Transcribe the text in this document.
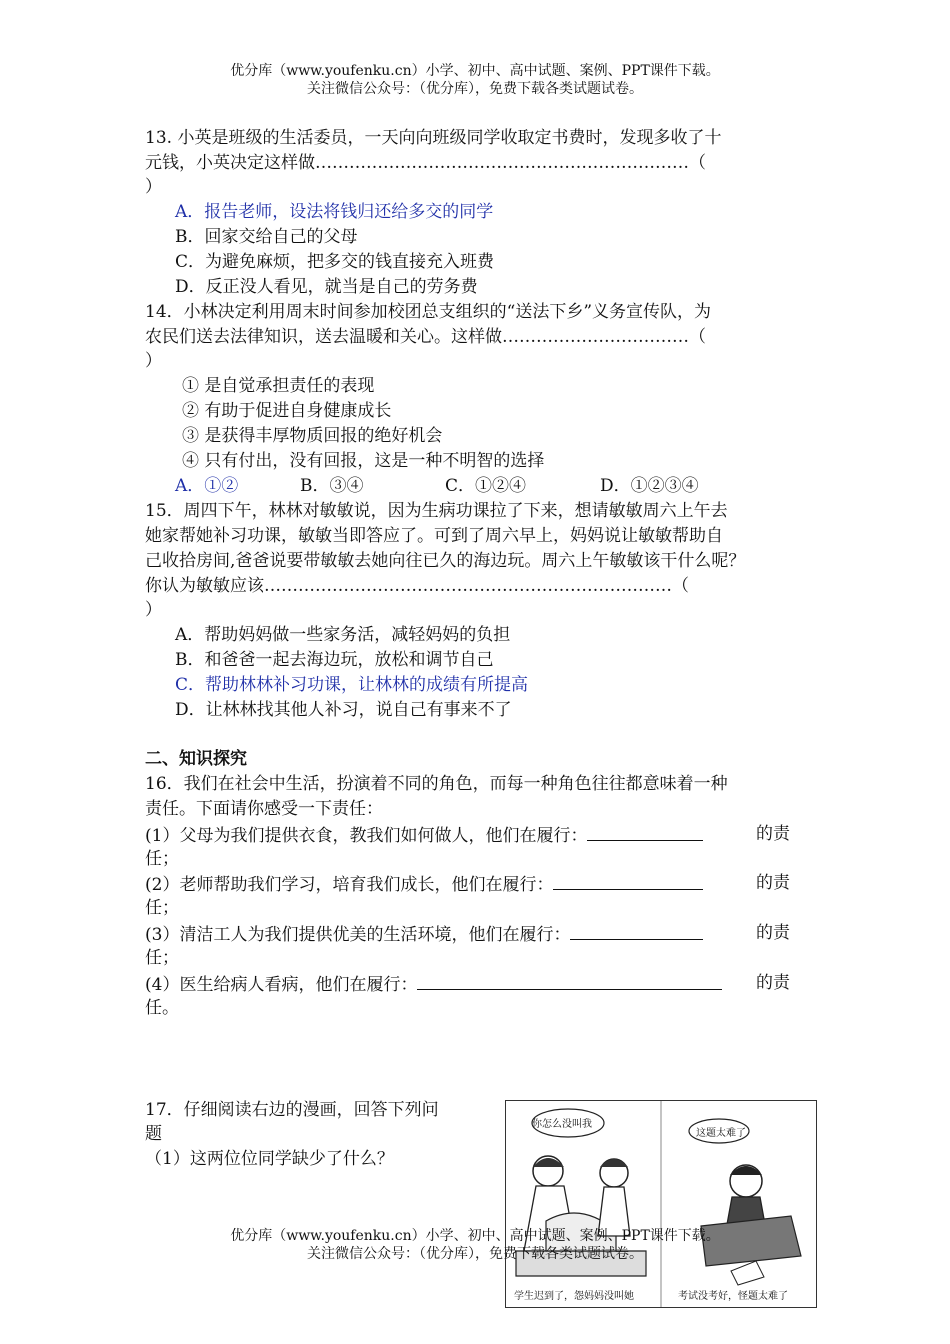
优分库（www.youfenku.cn）小学、初中、高中试题、案例、PPT课件下载。
关注微信公众号：（优分库），免费下载各类试题试卷。
13. 小英是班级的生活委员，一天向向班级同学收取定书费时，发现多收了十
元钱，小英决定这样做…………………………………………………………（
）
A．报告老师，设法将钱归还给多交的同学
B．回家交给自己的父母
C．为避免麻烦，把多交的钱直接充入班费
D．反正没人看见，就当是自己的劳务费
14．小林决定利用周末时间参加校团总支组织的“送法下乡”义务宣传队，为
农民们送去法律知识，送去温暖和关心。这样做……………………………（
）
① 是自觉承担责任的表现
② 有助于促进自身健康成长
③ 是获得丰厚物质回报的绝好机会
④ 只有付出，没有回报，这是一种不明智的选择
A．①②	B．③④	C．①②④	D．①②③④
15．周四下午，林林对敏敏说，因为生病功课拉了下来，想请敏敏周六上午去
她家帮她补习功课，敏敏当即答应了。可到了周六早上，妈妈说让敏敏帮助自
己收拾房间,爸爸说要带敏敏去她向往已久的海边玩。周六上午敏敏该干什么呢？
你认为敏敏应该………………………………………………………………（
）
A．帮助妈妈做一些家务活，减轻妈妈的负担
B．和爸爸一起去海边玩，放松和调节自己
C．帮助林林补习功课，让林林的成绩有所提高
D．让林林找其他人补习，说自己有事来不了
二、知识探究
16．我们在社会中生活，扮演着不同的角色，而每一种角色往往都意味着一种
责任。下面请你感受一下责任：
(1）父母为我们提供衣食，教我们如何做人，他们在履行：	的责
任；
(2）老师帮助我们学习，培育我们成长，他们在履行：	的责
任；
(3）清洁工人为我们提供优美的生活环境，他们在履行：	的责
任；
(4）医生给病人看病，他们在履行：	的责
任。
17．仔细阅读右边的漫画，回答下列问
题
（1）这两位位同学缺少了什么？
你怎么没叫我
这题太难了
学生迟到了，怨妈妈没叫她	考试没考好，怪题太难了
优分库（www.youfenku.cn）小学、初中、高中试题、案例、PPT课件下载。
关注微信公众号：（优分库），免费下载各类试题试卷。
